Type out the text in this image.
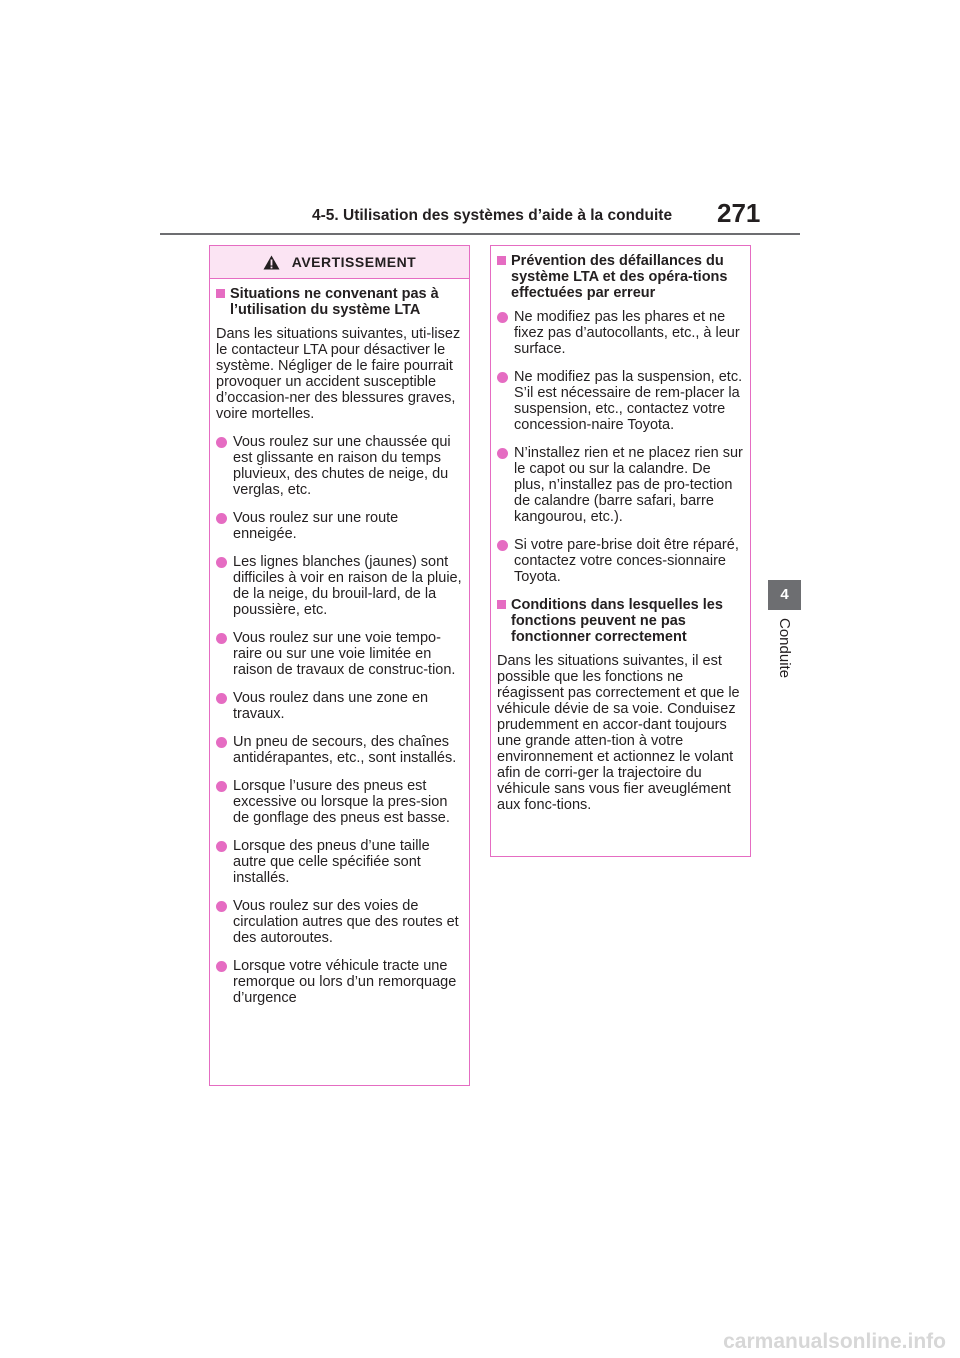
4-5. Utilisation des systèmes d’aide à la conduite 271
4
Conduite
AVERTISSEMENT
Situations ne convenant pas à l’utilisation du système LTA
Dans les situations suivantes, uti-lisez le contacteur LTA pour désactiver le système. Négliger de le faire pourrait provoquer un accident susceptible d’occasion-ner des blessures graves, voire mortelles.
Vous roulez sur une chaussée qui est glissante en raison du temps pluvieux, des chutes de neige, du verglas, etc.
Vous roulez sur une route enneigée.
Les lignes blanches (jaunes) sont difficiles à voir en raison de la pluie, de la neige, du brouil-lard, de la poussière, etc.
Vous roulez sur une voie tempo-raire ou sur une voie limitée en raison de travaux de construc-tion.
Vous roulez dans une zone en travaux.
Un pneu de secours, des chaînes antidérapantes, etc., sont installés.
Lorsque l’usure des pneus est excessive ou lorsque la pres-sion de gonflage des pneus est basse.
Lorsque des pneus d’une taille autre que celle spécifiée sont installés.
Vous roulez sur des voies de circulation autres que des routes et des autoroutes.
Lorsque votre véhicule tracte une remorque ou lors d’un remorquage d’urgence
Prévention des défaillances du système LTA et des opéra-tions effectuées par erreur
Ne modifiez pas les phares et ne fixez pas d’autocollants, etc., à leur surface.
Ne modifiez pas la suspension, etc. S’il est nécessaire de rem-placer la suspension, etc., contactez votre concession-naire Toyota.
N’installez rien et ne placez rien sur le capot ou sur la calandre. De plus, n’installez pas de pro-tection de calandre (barre safari, barre kangourou, etc.).
Si votre pare-brise doit être réparé, contactez votre conces-sionnaire Toyota.
Conditions dans lesquelles les fonctions peuvent ne pas fonctionner correctement
Dans les situations suivantes, il est possible que les fonctions ne réagissent pas correctement et que le véhicule dévie de sa voie. Conduisez prudemment en accor-dant toujours une grande atten-tion à votre environnement et actionnez le volant afin de corri-ger la trajectoire du véhicule sans vous fier aveuglément aux fonc-tions.
carmanualsonline.info
